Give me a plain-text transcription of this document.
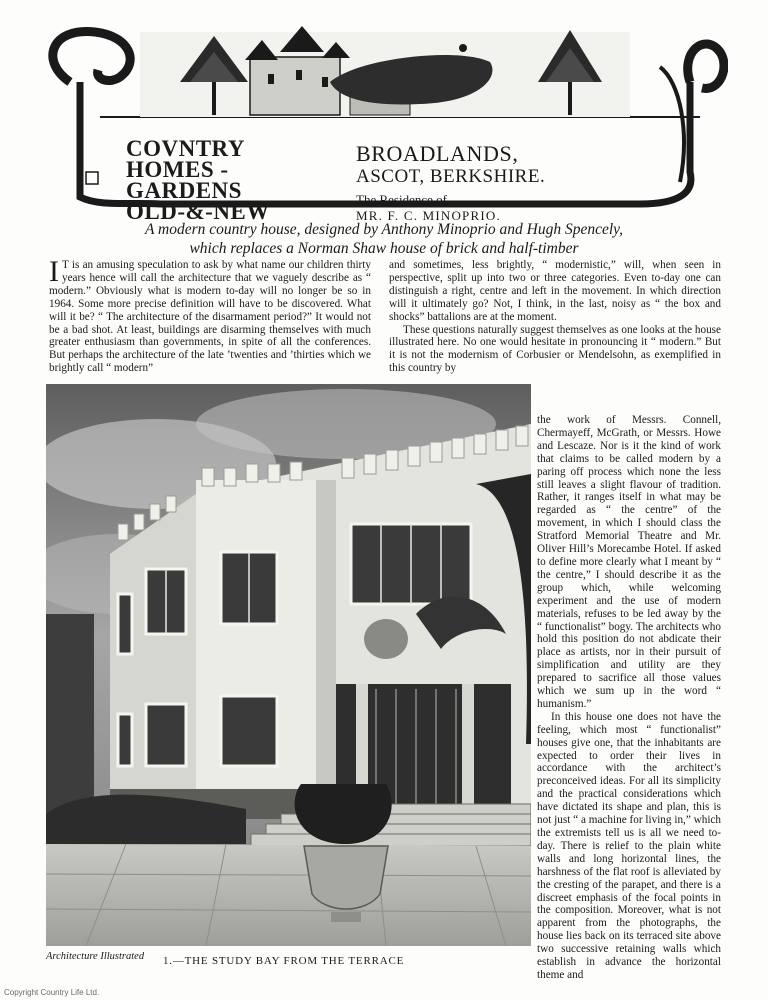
COVNTRY
HOMES -
GARDENS
OLD-&-NEW
BROADLANDS,
ASCOT, BERKSHIRE.
The Residence of
MR. F. C. MINOPRIO.
A modern country house, designed by Anthony Minoprio and Hugh Spencely,
which replaces a Norman Shaw house of brick and half-timber

I T is an amusing speculation to ask by what name our children thirty years hence will call the architecture that we vaguely describe as “ modern.” Obviously what is modern to-day will no longer be so in 1964. Some more precise definition will have to be discovered. What will it be? “ The architecture of the disarmament period?” It would not be a bad shot. At least, buildings are disarming themselves with much greater enthusiasm than governments, in spite of all the conferences. But perhaps the architecture of the late ’twenties and ’thirties which we brightly call “ modern”

and sometimes, less brightly, “ modernistic,” will, when seen in perspective, split up into two or three categories. Even to-day one can distinguish a right, centre and left in the movement. In which direction will it ultimately go? Not, I think, in the last, noisy as “ the box and shocks” battalions are at the moment.

These questions naturally suggest themselves as one looks at the house illustrated here. No one would hesitate in pronouncing it “ modern.” But it is not the modernism of Corbusier or Mendelsohn, as exemplified in this country by

the work of Messrs. Connell, Chermayeff, McGrath, or Messrs. Howe and Lescaze. Nor is it the kind of work that claims to be called modern by a paring off process which none the less still leaves a slight flavour of tradition. Rather, it ranges itself in what may be regarded as “ the centre” of the movement, in which I should class the Stratford Memorial Theatre and Mr. Oliver Hill’s Morecambe Hotel. If asked to define more clearly what I meant by “ the centre,” I should describe it as the group which, while welcoming experiment and the use of modern materials, refuses to be led away by the “ functionalist” bogy. The architects who hold this position do not abdicate their place as artists, nor in their pursuit of simplification and utility are they prepared to sacrifice all those values which we sum up in the word “ humanism.”

In this house one does not have the feeling, which most “ functionalist” houses give one, that the inhabitants are expected to order their lives in accordance with the architect’s preconceived ideas. For all its simplicity and the practical considerations which have dictated its shape and plan, this is not just “ a machine for living in,” which the extremists tell us is all we need to-day. There is relief to the plain white walls and long horizontal lines, the harshness of the flat roof is alleviated by the cresting of the parapet, and there is a discreet emphasis of the focal points in the composition. Moreover, what is not apparent from the photographs, the house lies back on its terraced site above two successive retaining walls which establish in advance the horizontal theme and

Architecture Illustrated 1.—THE STUDY BAY FROM THE TERRACE
Copyright Country Life Ltd.
